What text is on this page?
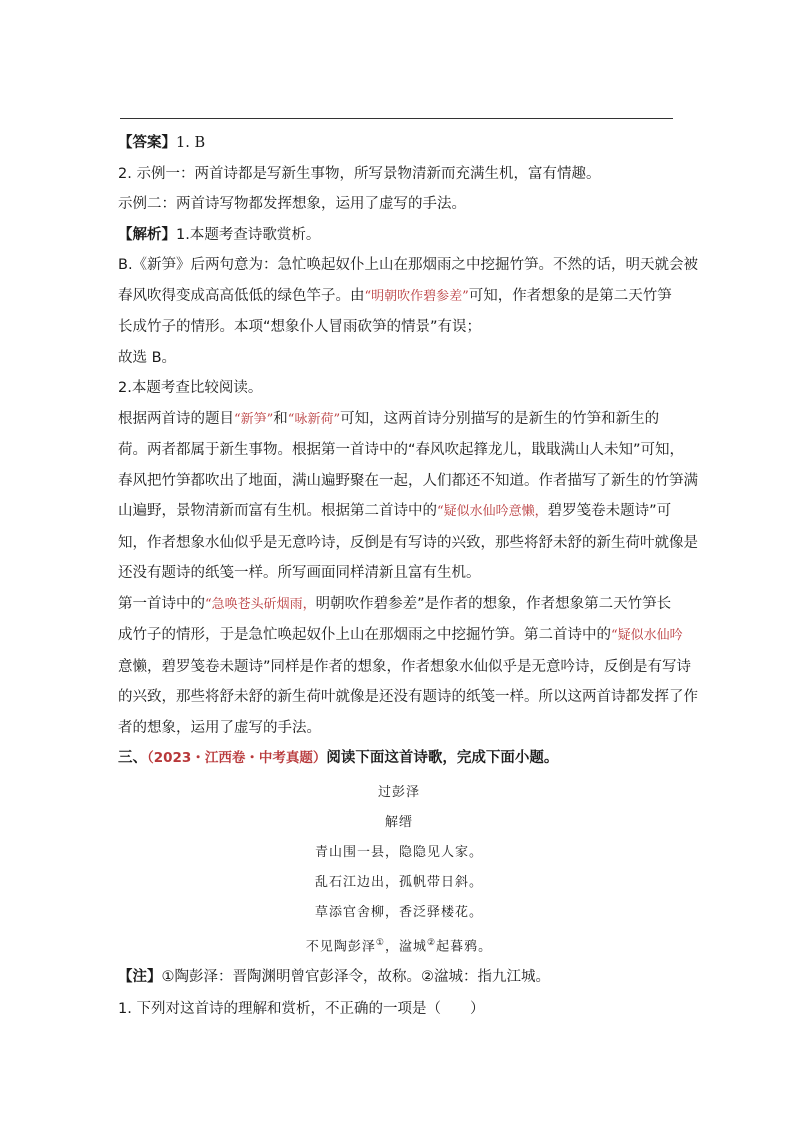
【答案】1. B
2. 示例一：两首诗都是写新生事物，所写景物清新而充满生机，富有情趣。
示例二：两首诗写物都发挥想象，运用了虚写的手法。
【解析】1.本题考查诗歌赏析。
B.《新笋》后两句意为：急忙唤起奴仆上山在那烟雨之中挖掘竹笋。不然的话，明天就会被
春风吹得变成高高低低的绿色竿子。由“明朝吹作碧参差”可知，作者想象的是第二天竹笋
长成竹子的情形。本项“想象仆人冒雨砍笋的情景”有误；
故选 B。
2.本题考查比较阅读。
根据两首诗的题目“新笋”和“咏新荷”可知，这两首诗分别描写的是新生的竹笋和新生的
荷。两者都属于新生事物。根据第一首诗中的“春风吹起箨龙儿，戢戢满山人未知”可知，
春风把竹笋都吹出了地面，满山遍野聚在一起，人们都还不知道。作者描写了新生的竹笋满
山遍野，景物清新而富有生机。根据第二首诗中的“疑似水仙吟意懒，碧罗笺卷未题诗”可
知，作者想象水仙似乎是无意吟诗，反倒是有写诗的兴致，那些将舒未舒的新生荷叶就像是
还没有题诗的纸笺一样。所写画面同样清新且富有生机。
第一首诗中的“急唤苍头斫烟雨，明朝吹作碧参差”是作者的想象，作者想象第二天竹笋长
成竹子的情形，于是急忙唤起奴仆上山在那烟雨之中挖掘竹笋。第二首诗中的“疑似水仙吟
意懒，碧罗笺卷未题诗”同样是作者的想象，作者想象水仙似乎是无意吟诗，反倒是有写诗
的兴致，那些将舒未舒的新生荷叶就像是还没有题诗的纸笺一样。所以这两首诗都发挥了作
者的想象，运用了虚写的手法。
三、（2023・江西卷・中考真题）阅读下面这首诗歌，完成下面小题。
过彭泽
解缙
青山围一县，隐隐见人家。
乱石江边出，孤帆带日斜。
草添官舍柳，香泛驿楼花。
不见陶彭泽①，湓城②起暮鸦。
【注】①陶彭泽：晋陶渊明曾官彭泽令，故称。②湓城：指九江城。
1. 下列对这首诗的理解和赏析，不正确的一项是（　　）
